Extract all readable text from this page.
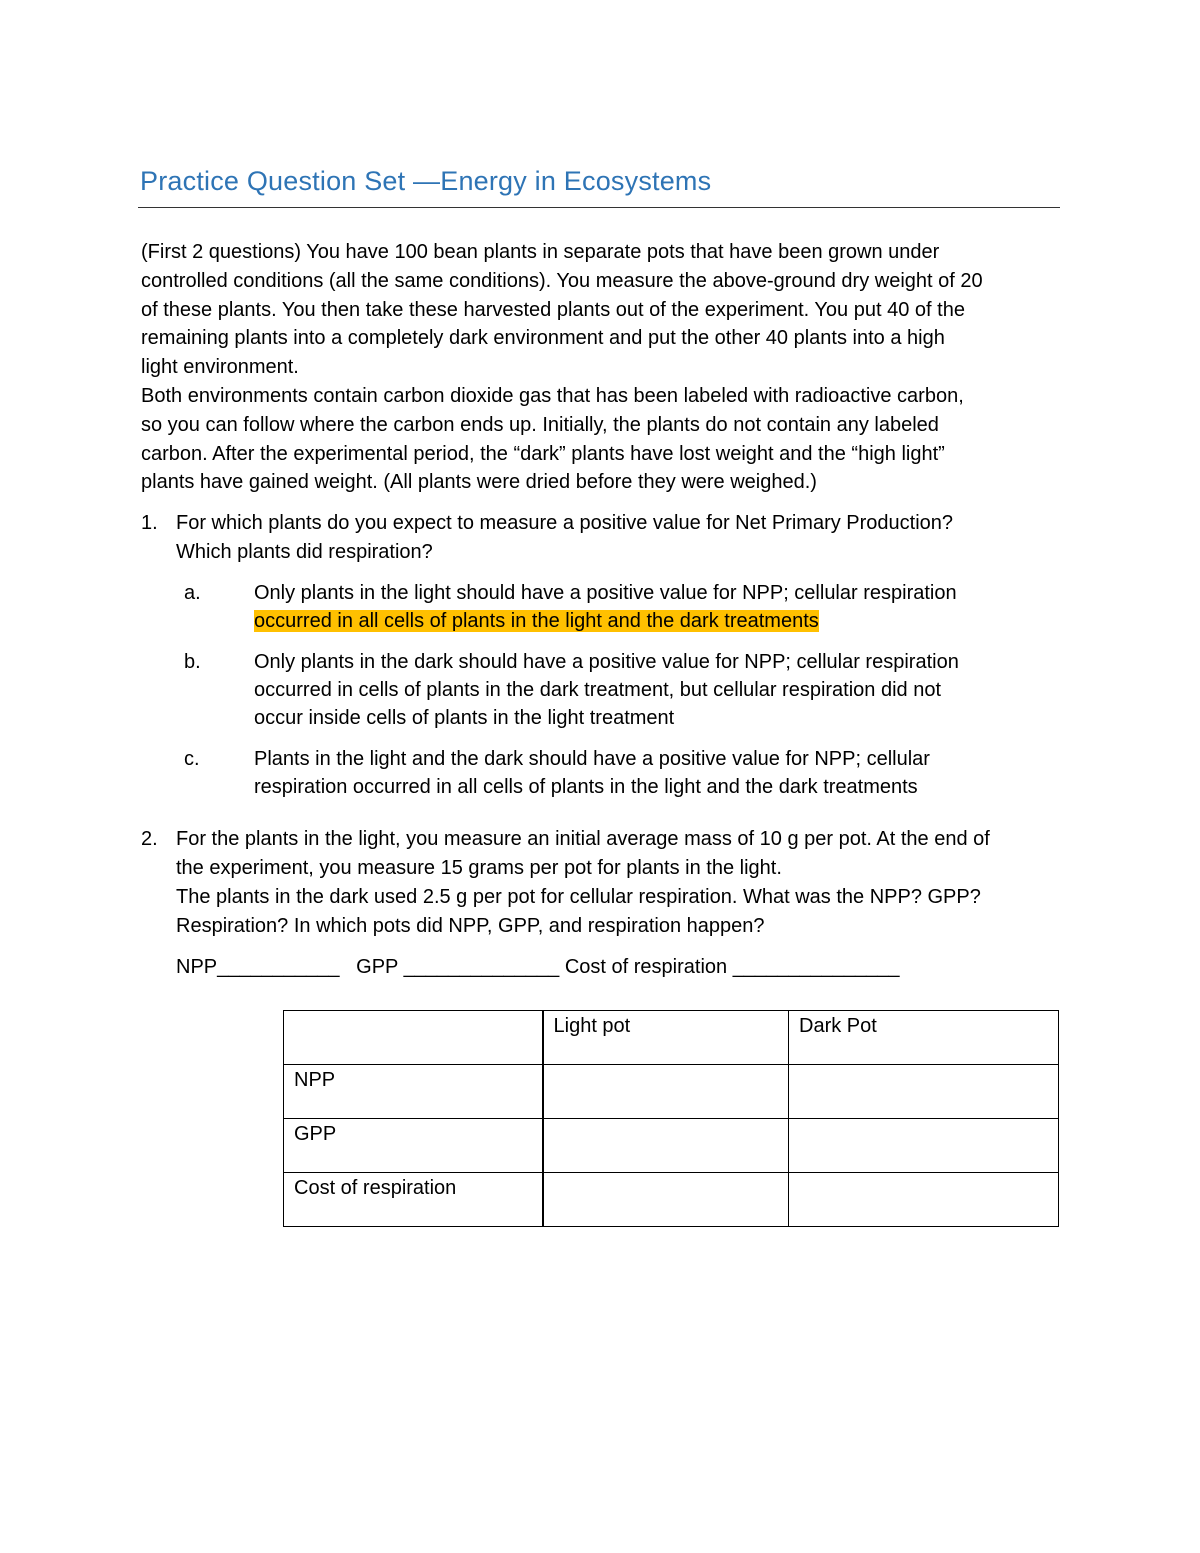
Practice Question Set —Energy in Ecosystems
(First 2 questions) You have 100 bean plants in separate pots that have been grown under
controlled conditions (all the same conditions). You measure the above-ground dry weight of 20
of these plants. You then take these harvested plants out of the experiment. You put 40 of the
remaining plants into a completely dark environment and put the other 40 plants into a high
light environment.
Both environments contain carbon dioxide gas that has been labeled with radioactive carbon,
so you can follow where the carbon ends up. Initially, the plants do not contain any labeled
carbon. After the experimental period, the “dark” plants have lost weight and the “high light”
plants have gained weight. (All plants were dried before they were weighed.)
1. For which plants do you expect to measure a positive value for Net Primary Production?
Which plants did respiration?
a.	Only plants in the light should have a positive value for NPP; cellular respiration
occurred in all cells of plants in the light and the dark treatments
b.	Only plants in the dark should have a positive value for NPP; cellular respiration
occurred in cells of plants in the dark treatment, but cellular respiration did not
occur inside cells of plants in the light treatment
c.	Plants in the light and the dark should have a positive value for NPP; cellular
respiration occurred in all cells of plants in the light and the dark treatments
2. For the plants in the light, you measure an initial average mass of 10 g per pot. At the end of
the experiment, you measure 15 grams per pot for plants in the light.
The plants in the dark used 2.5 g per pot for cellular respiration. What was the NPP? GPP?
Respiration? In which pots did NPP, GPP, and respiration happen?
NPP___________   GPP ______________ Cost of respiration _______________
	Light pot	Dark Pot
NPP		
GPP		
Cost of respiration		
